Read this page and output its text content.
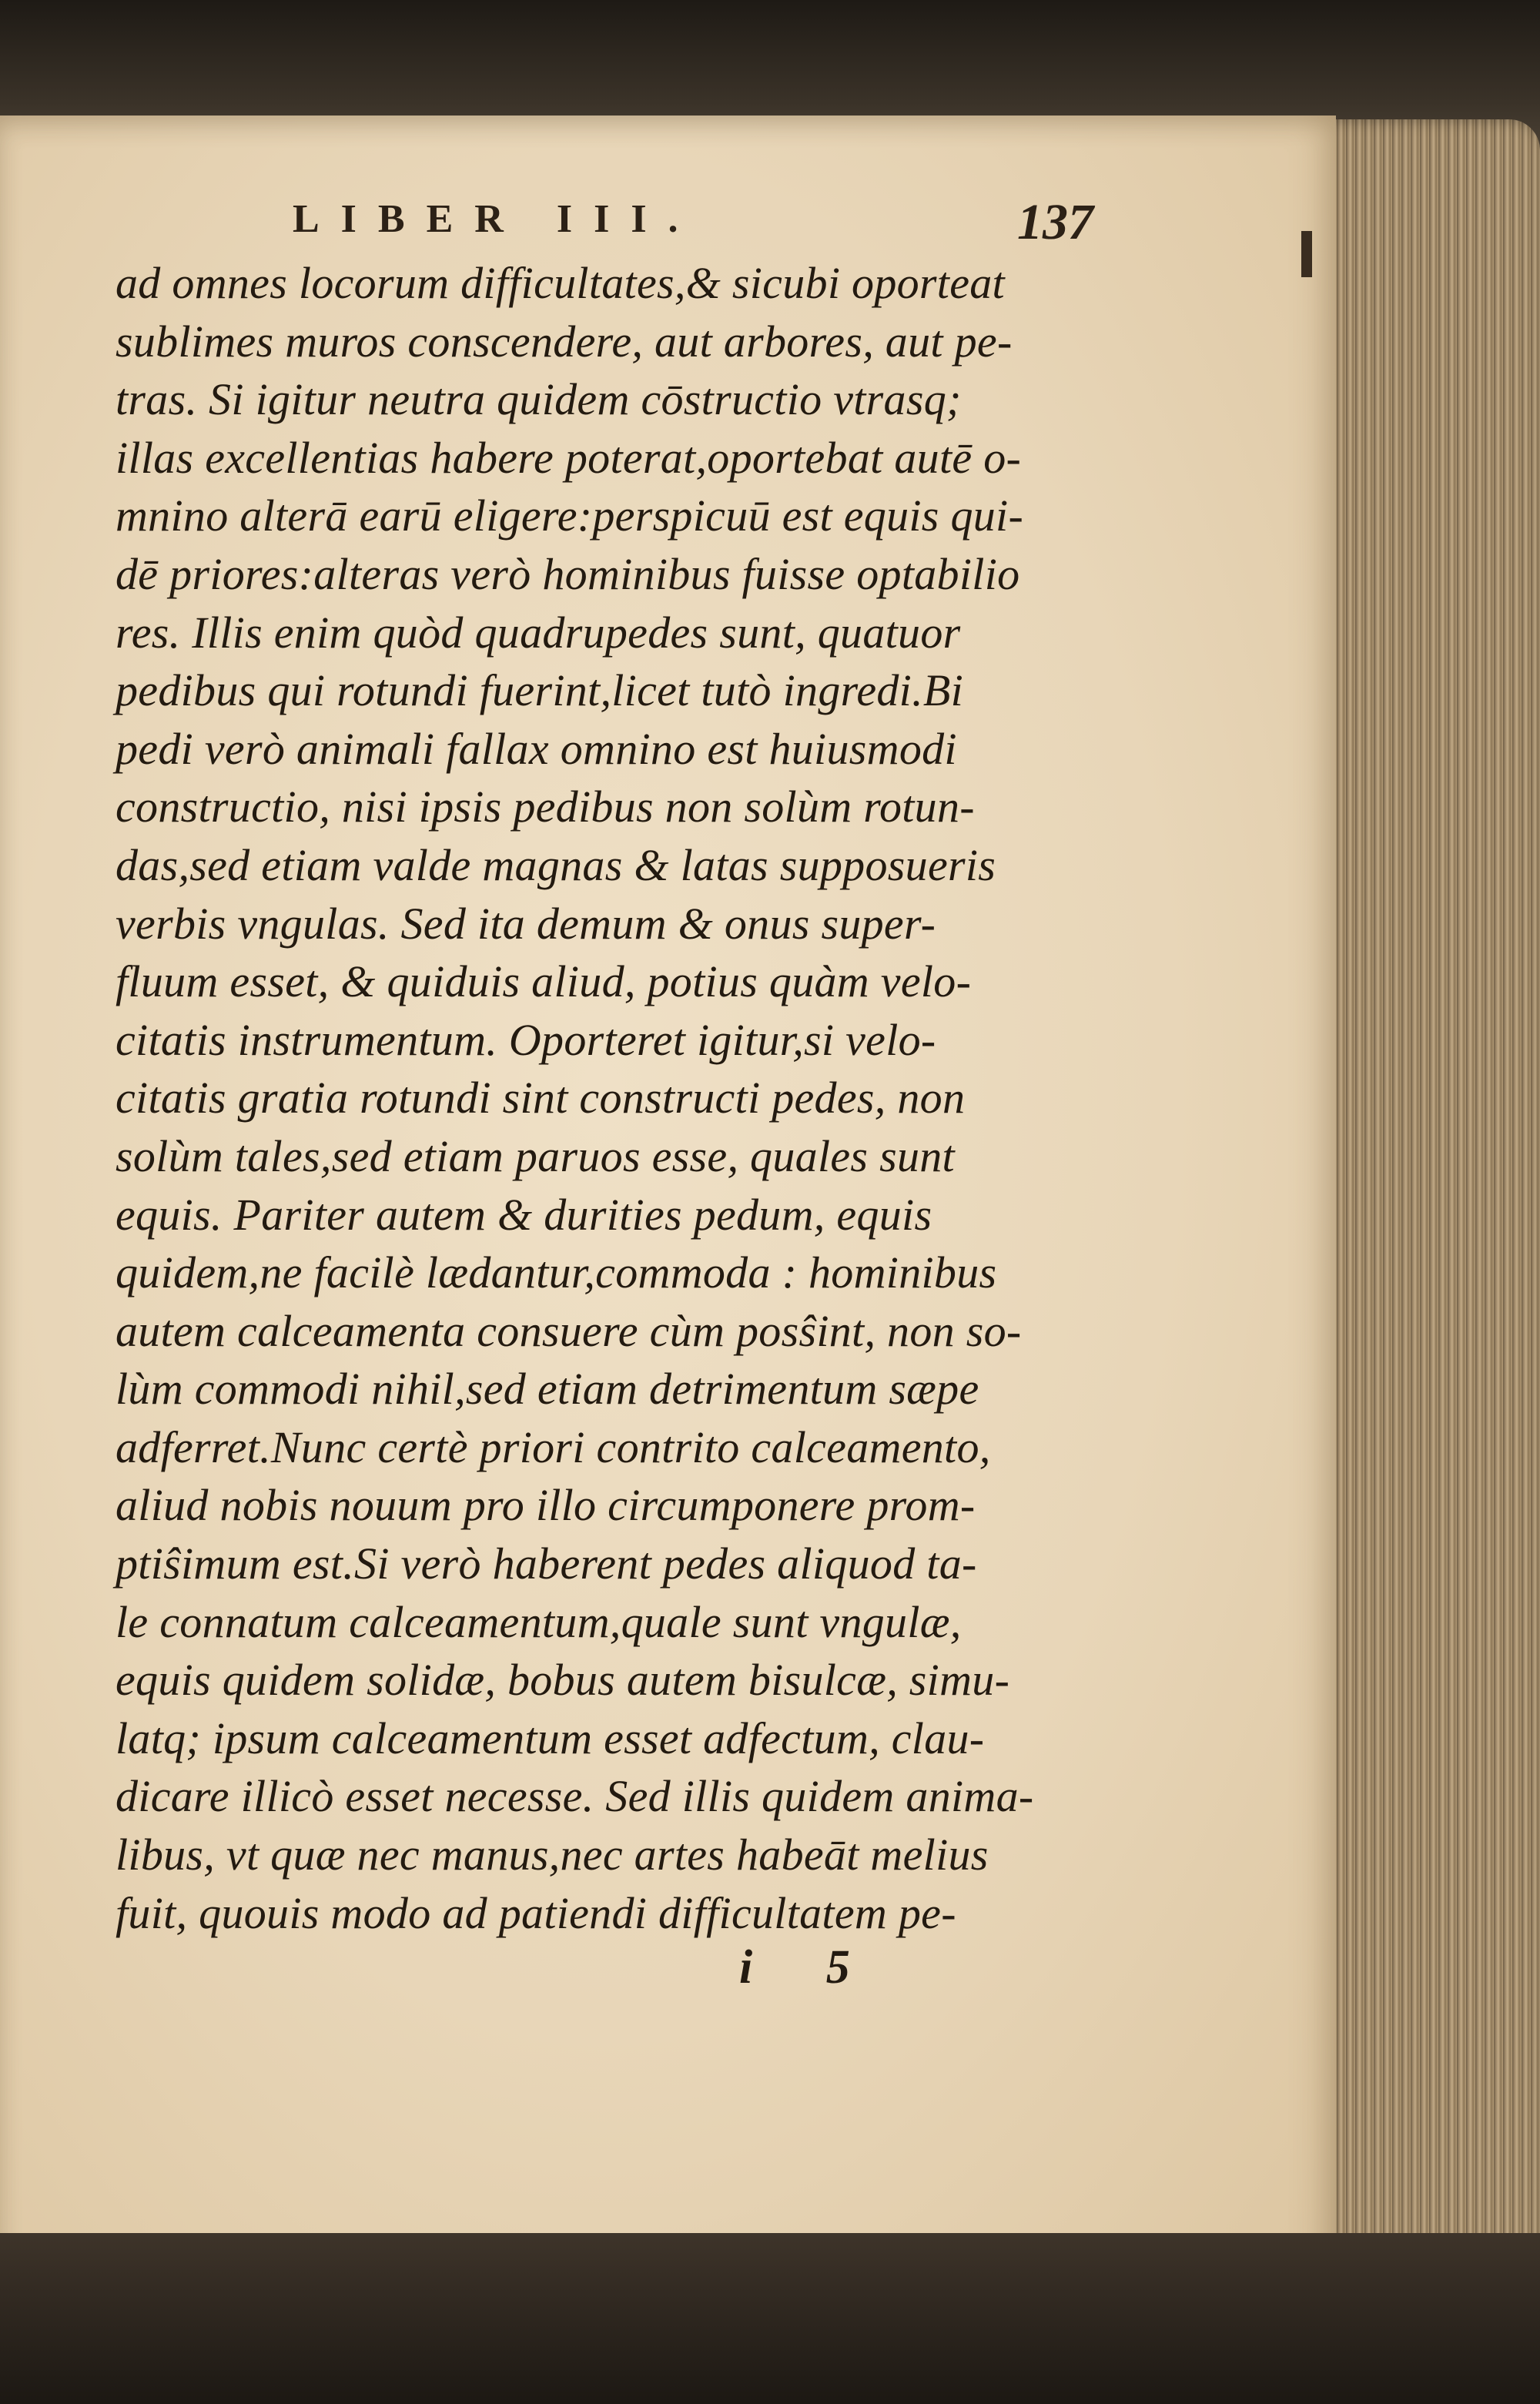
LIBER III.	137
ad omnes locorum difficultates,& sicubi oporteat
sublimes muros conscendere, aut arbores, aut pe-
tras. Si igitur neutra quidem cōstructio vtrasq;
illas excellentias habere poterat,oportebat autē o-
mnino alterā earū eligere:perspicuū est equis qui-
dē priores:alteras verò hominibus fuisse optabilio
res. Illis enim quòd quadrupedes sunt, quatuor
pedibus qui rotundi fuerint,licet tutò ingredi.Bi
pedi verò animali fallax omnino est huiusmodi
constructio, nisi ipsis pedibus non solùm rotun-
das,sed etiam valde magnas & latas supposueris
verbis vngulas. Sed ita demum & onus super-
fluum esset, & quiduis aliud, potius quàm velo-
citatis instrumentum. Oporteret igitur,si velo-
citatis gratia rotundi sint constructi pedes, non
solùm tales,sed etiam paruos esse, quales sunt
equis. Pariter autem & durities pedum, equis
quidem,ne facilè lædantur,commoda : hominibus
autem calceamenta consuere cùm posŝint, non so-
lùm commodi nihil,sed etiam detrimentum sæpe
adferret.Nunc certè priori contrito calceamento,
aliud nobis nouum pro illo circumponere prom-
ptiŝimum est.Si verò haberent pedes aliquod ta-
le connatum calceamentum,quale sunt vngulæ,
equis quidem solidæ, bobus autem bisulcæ, simu-
latq; ipsum calceamentum esset adfectum, clau-
dicare illicò esset necesse. Sed illis quidem anima-
libus, vt quæ nec manus,nec artes habeāt melius
fuit, quouis modo ad patiendi difficultatem pe-
i 5
